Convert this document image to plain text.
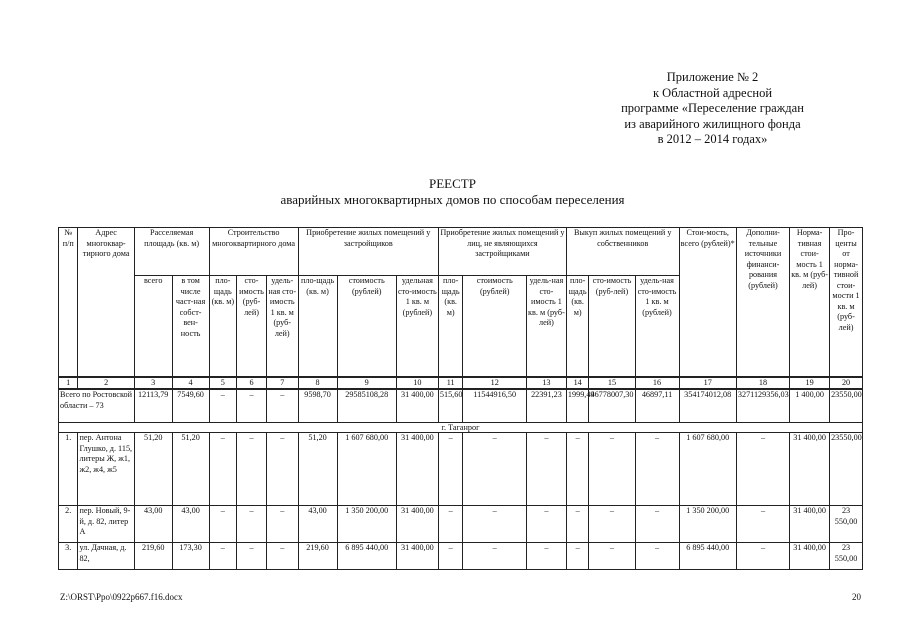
Приложение № 2
к Областной адресной
программе «Переселение граждан
из аварийного жилищного фонда
в 2012 – 2014 годах»
РЕЕСТР
аварийных многоквартирных домов по способам переселения
№ п/п	Адрес многоквар-тирного дома	Расселяемая площадь (кв. м)		Строительство многоквартирного дома			Приобретение жилых помещений у застройщиков			Приобретение жилых помещений у лиц, не являющихся застройщиками			Выкуп жилых помещений у собственников			Стои-мость, всего (рублей)*	Дополни-тельные источники финанси-рования (рублей)	Норма-тивная стои-мость 1 кв. м (руб-лей)	Про-центы от норма-тивной стои-мости 1 кв. м (руб-лей)
		всего	в том числе част-ная собст-вен-ность	пло-щадь (кв. м)	сто-имость (руб-лей)	удель-ная сто-имость 1 кв. м (руб-лей)	пло-щадь (кв. м)	стоимость (рублей)	удельная сто-имость 1 кв. м (рублей)	пло-щадь (кв. м)	стоимость (рублей)	удель-ная сто-имость 1 кв. м (руб-лей)	пло-щадь (кв. м)	сто-имость (руб-лей)	удель-ная сто-имость 1 кв. м (рублей)				
1	2	3	4	5	6	7	8	9	10	11	12	13	14	15	16	17	18	19	20
Всего по Ростовской области – 73		12113,79	7549,60	–	–	–	9598,70	29585108,28	31 400,00	515,60	11544916,50	22391,23	1999,49	46778007,30	46897,11	354174012,08	3271129356,03	1 400,00	23550,00
г. Таганрог																			
1.	пер. Антона Глушко, д. 115, литеры Ж, ж1, ж2, ж4, ж5	51,20	51,20	–	–	–	51,20	1 607 680,00	31 400,00	–	–	–	–	–	–	1 607 680,00	–	31 400,00	23550,00
2.	пер. Новый, 9-й, д. 82, литер А	43,00	43,00	–	–	–	43,00	1 350 200,00	31 400,00	–	–	–	–	–	–	1 350 200,00	–	31 400,00	23 550,00
3.	ул. Дачная, д. 82,	219,60	173,30	–	–	–	219,60	6 895 440,00	31 400,00	–	–	–	–	–	–	6 895 440,00	–	31 400,00	23 550,00
Z:\ORST\Ppo\0922p667.f16.docx	20
